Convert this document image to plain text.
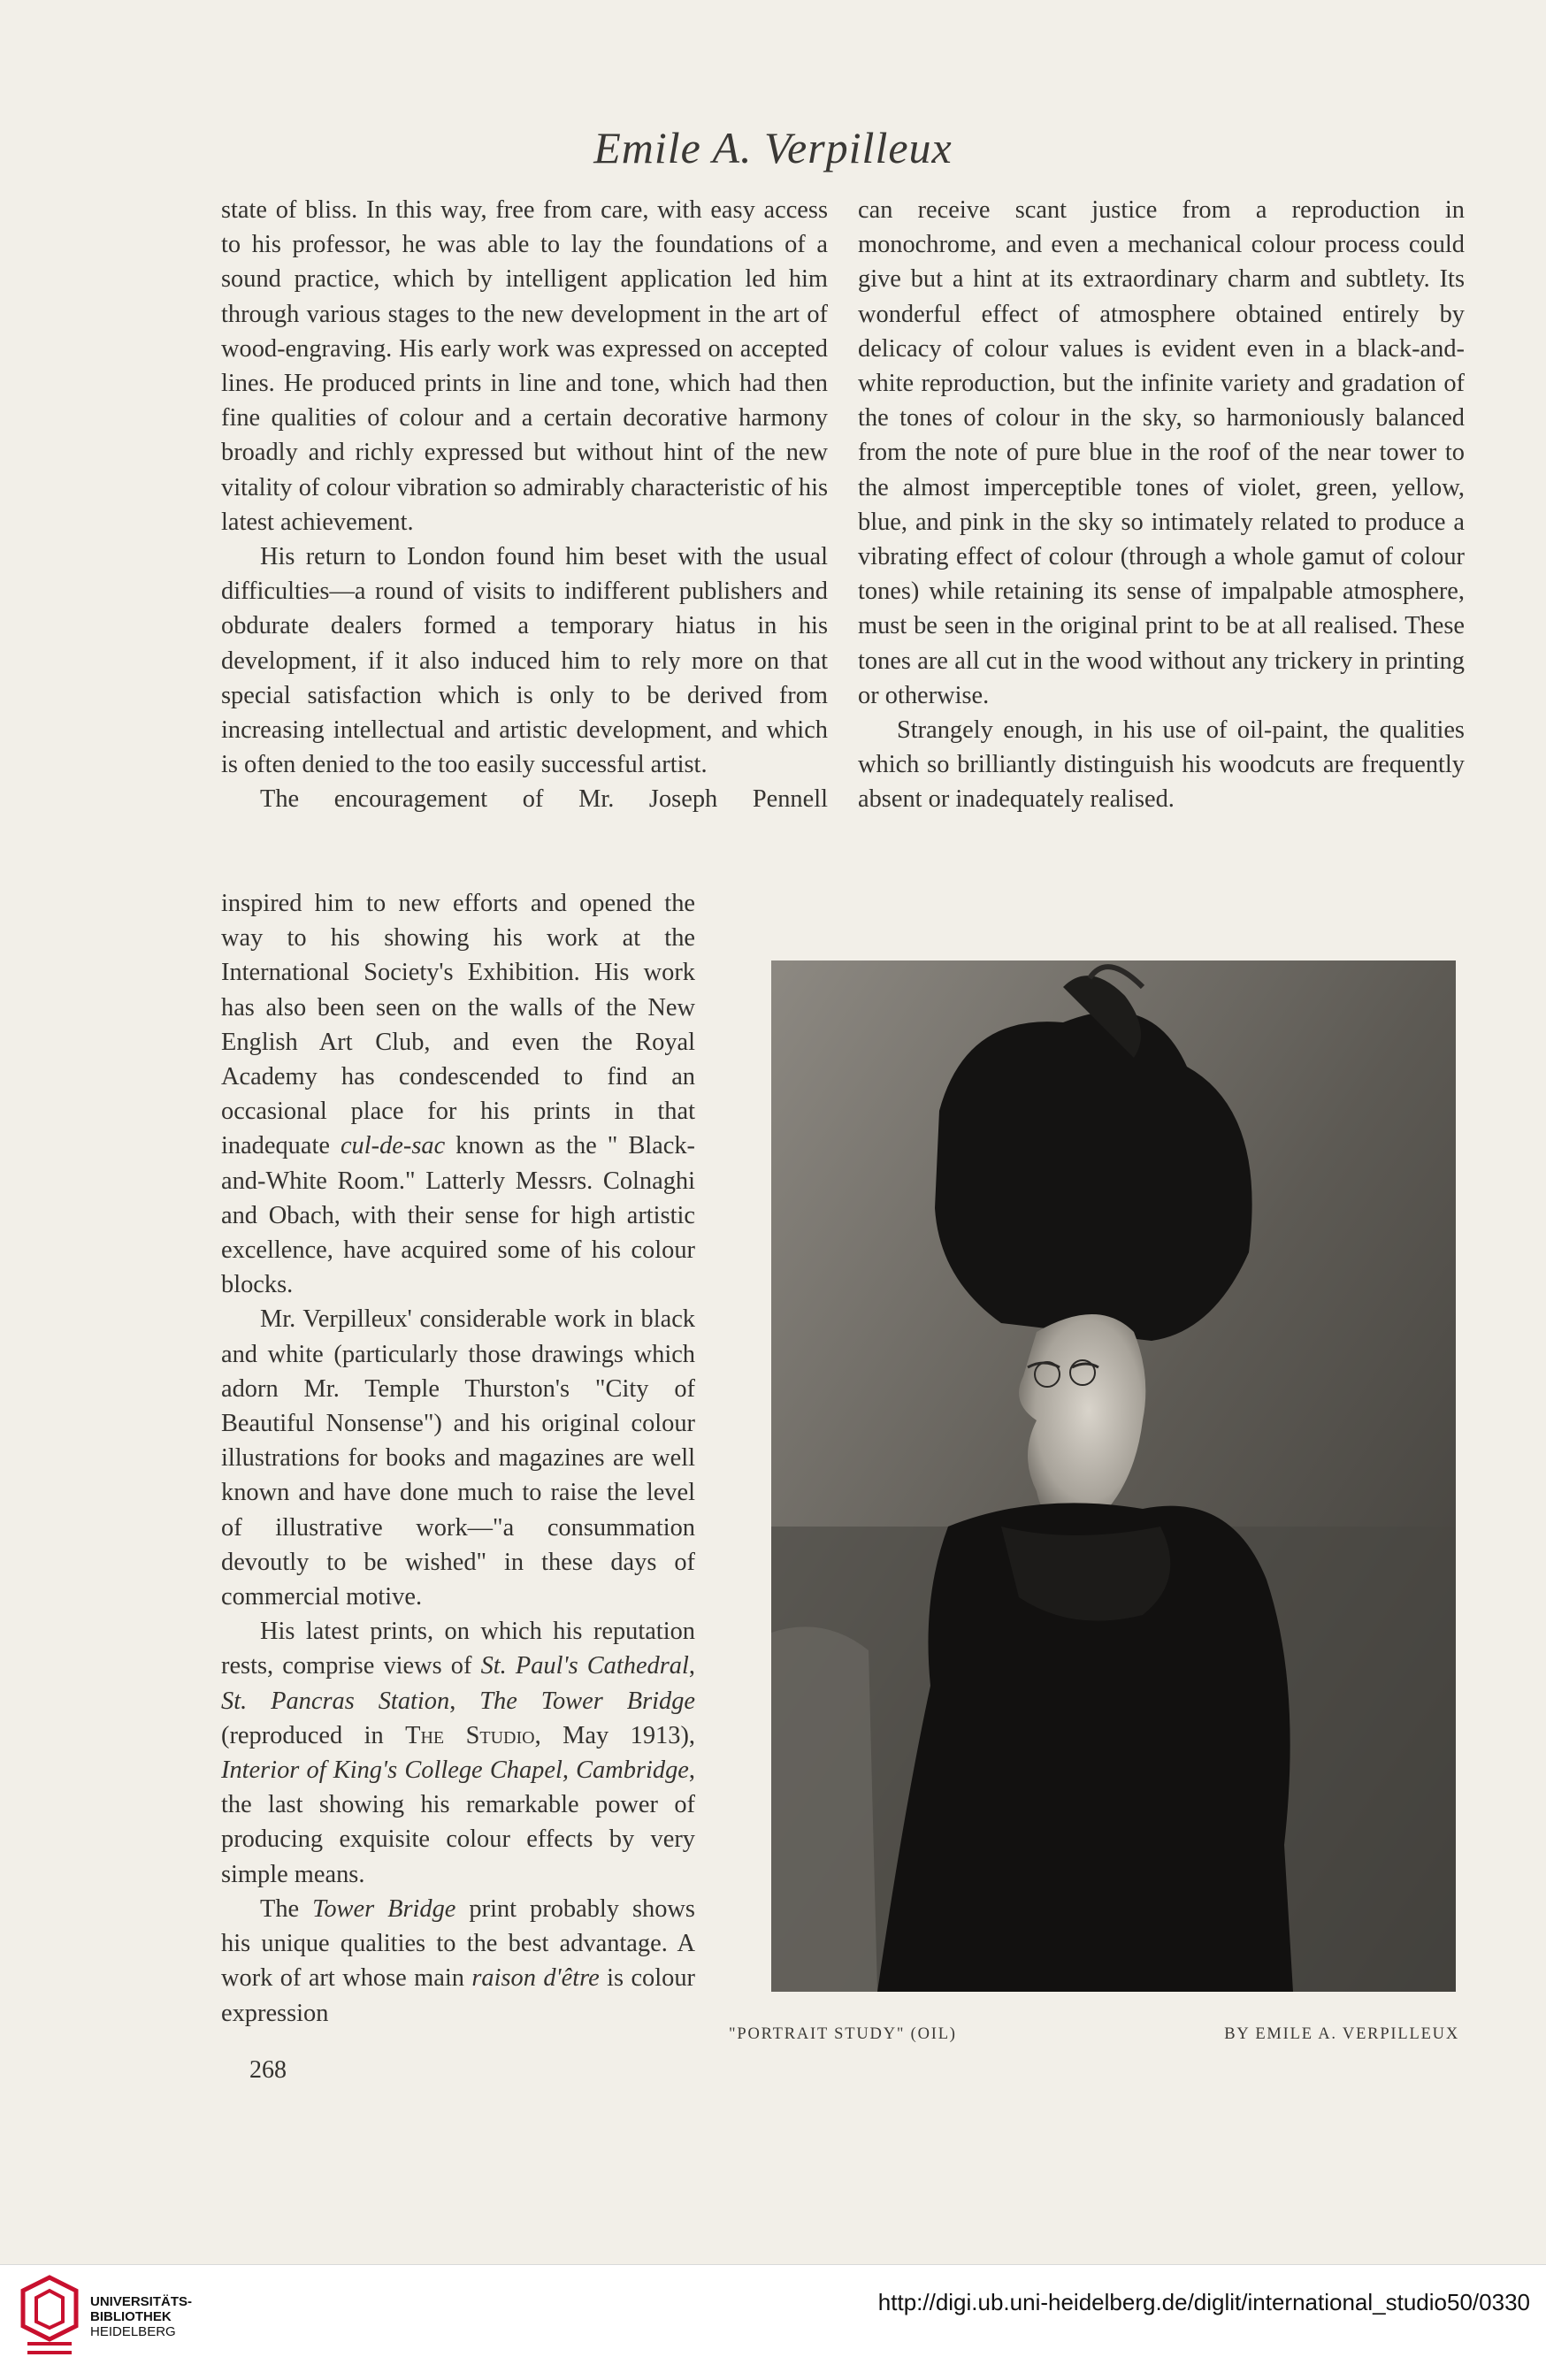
Emile A. Verpilleux

state of bliss. In this way, free from care, with easy access to his professor, he was able to lay the foundations of a sound practice, which by intelligent application led him through various stages to the new development in the art of wood-engraving. His early work was expressed on accepted lines. He produced prints in line and tone, which had then fine qualities of colour and a certain decorative harmony broadly and richly expressed but without hint of the new vitality of colour vibration so admirably characteristic of his latest achievement.

His return to London found him beset with the usual difficulties—a round of visits to indifferent publishers and obdurate dealers formed a temporary hiatus in his development, if it also induced him to rely more on that special satisfaction which is only to be derived from increasing intellectual and artistic development, and which is often denied to the too easily successful artist.

The encouragement of Mr. Joseph Pennell

can receive scant justice from a reproduction in monochrome, and even a mechanical colour process could give but a hint at its extraordinary charm and subtlety. Its wonderful effect of atmosphere obtained entirely by delicacy of colour values is evident even in a black-and-white reproduction, but the infinite variety and gradation of the tones of colour in the sky, so harmoniously balanced from the note of pure blue in the roof of the near tower to the almost imperceptible tones of violet, green, yellow, blue, and pink in the sky so intimately related to produce a vibrating effect of colour (through a whole gamut of colour tones) while retaining its sense of impalpable atmosphere, must be seen in the original print to be at all realised. These tones are all cut in the wood without any trickery in printing or otherwise.

Strangely enough, in his use of oil-paint, the qualities which so brilliantly distinguish his woodcuts are frequently absent or inadequately realised.

inspired him to new efforts and opened the way to his showing his work at the International Society's Exhibition. His work has also been seen on the walls of the New English Art Club, and even the Royal Academy has condescended to find an occasional place for his prints in that inadequate cul-de-sac known as the " Black-and-White Room." Latterly Messrs. Colnaghi and Obach, with their sense for high artistic excellence, have acquired some of his colour blocks.

Mr. Verpilleux' considerable work in black and white (particularly those drawings which adorn Mr. Temple Thurston's "City of Beautiful Nonsense") and his original colour illustrations for books and magazines are well known and have done much to raise the level of illustrative work—"a consummation devoutly to be wished" in these days of commercial motive.

His latest prints, on which his reputation rests, comprise views of St. Paul's Cathedral, St. Pancras Station, The Tower Bridge (reproduced in The Studio, May 1913), Interior of King's College Chapel, Cambridge, the last showing his remarkable power of producing exquisite colour effects by very simple means.

The Tower Bridge print probably shows his unique qualities to the best advantage. A work of art whose main raison d'être is colour expression

"PORTRAIT STUDY" (OIL)	BY EMILE A. VERPILLEUX
268
UNIVERSITÄTS-
BIBLIOTHEK
HEIDELBERG
http://digi.ub.uni-heidelberg.de/diglit/international_studio50/0330
